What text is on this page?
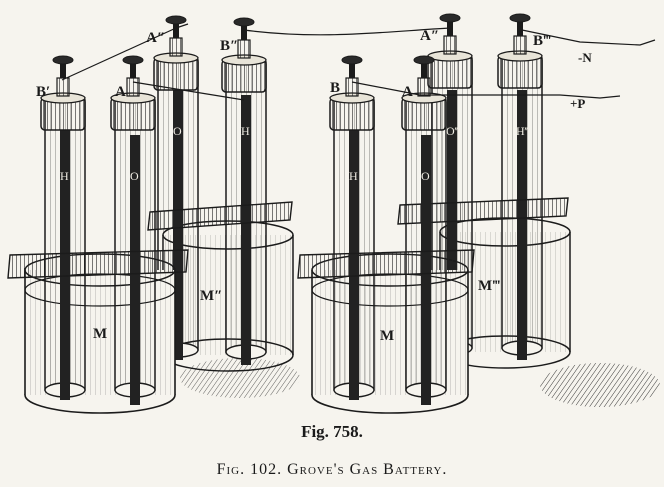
M″
M‴
M	M
B′	A
A″	B″
B	A
A″	B‴
-N
+P
H	O
O	H
H	O
O‴	H‴
Fig. 758.
Fig. 102. Grove's Gas Battery.
